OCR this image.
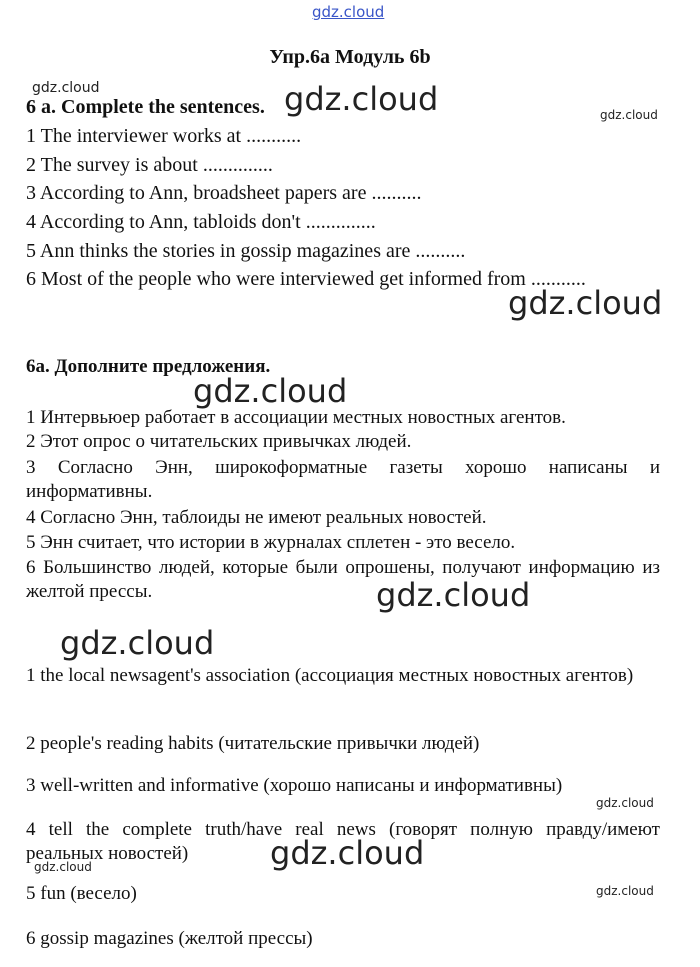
gdz.cloud
gdz.cloud	gdz.cloud	gdz.cloud
gdz.cloud
gdz.cloud
gdz.cloud
gdz.cloud
gdz.cloud
gdz.cloud
gdz.cloud
gdz.cloud
Упр.6а Модуль 6b
6 a. Complete the sentences.
1 The interviewer works at ...........
2 The survey is about ..............
3 According to Ann, broadsheet papers are ..........
4 According to Ann, tabloids don't ..............
5 Ann thinks the stories in gossip magazines are ..........
6 Most of the people who were interviewed get informed from ...........
6а. Дополните предложения.
1 Интервьюер работает в ассоциации местных новостных агентов.
2 Этот опрос о читательских привычках людей.
3 Согласно Энн, широкоформатные газеты хорошо написаны и информативны.
4 Согласно Энн, таблоиды не имеют реальных новостей.
5 Энн считает, что истории в журналах сплетен - это весело.
6 Большинство людей, которые были опрошены, получают информацию из желтой прессы.
1 the local newsagent's association (ассоциация местных новостных агентов)
2 people's reading habits (читательские привычки людей)
3 well-written and informative (хорошо написаны и информативны)
4 tell the complete truth/have real news (говорят полную правду/имеют реальных новостей)
5 fun (весело)
6 gossip magazines (желтой прессы)
